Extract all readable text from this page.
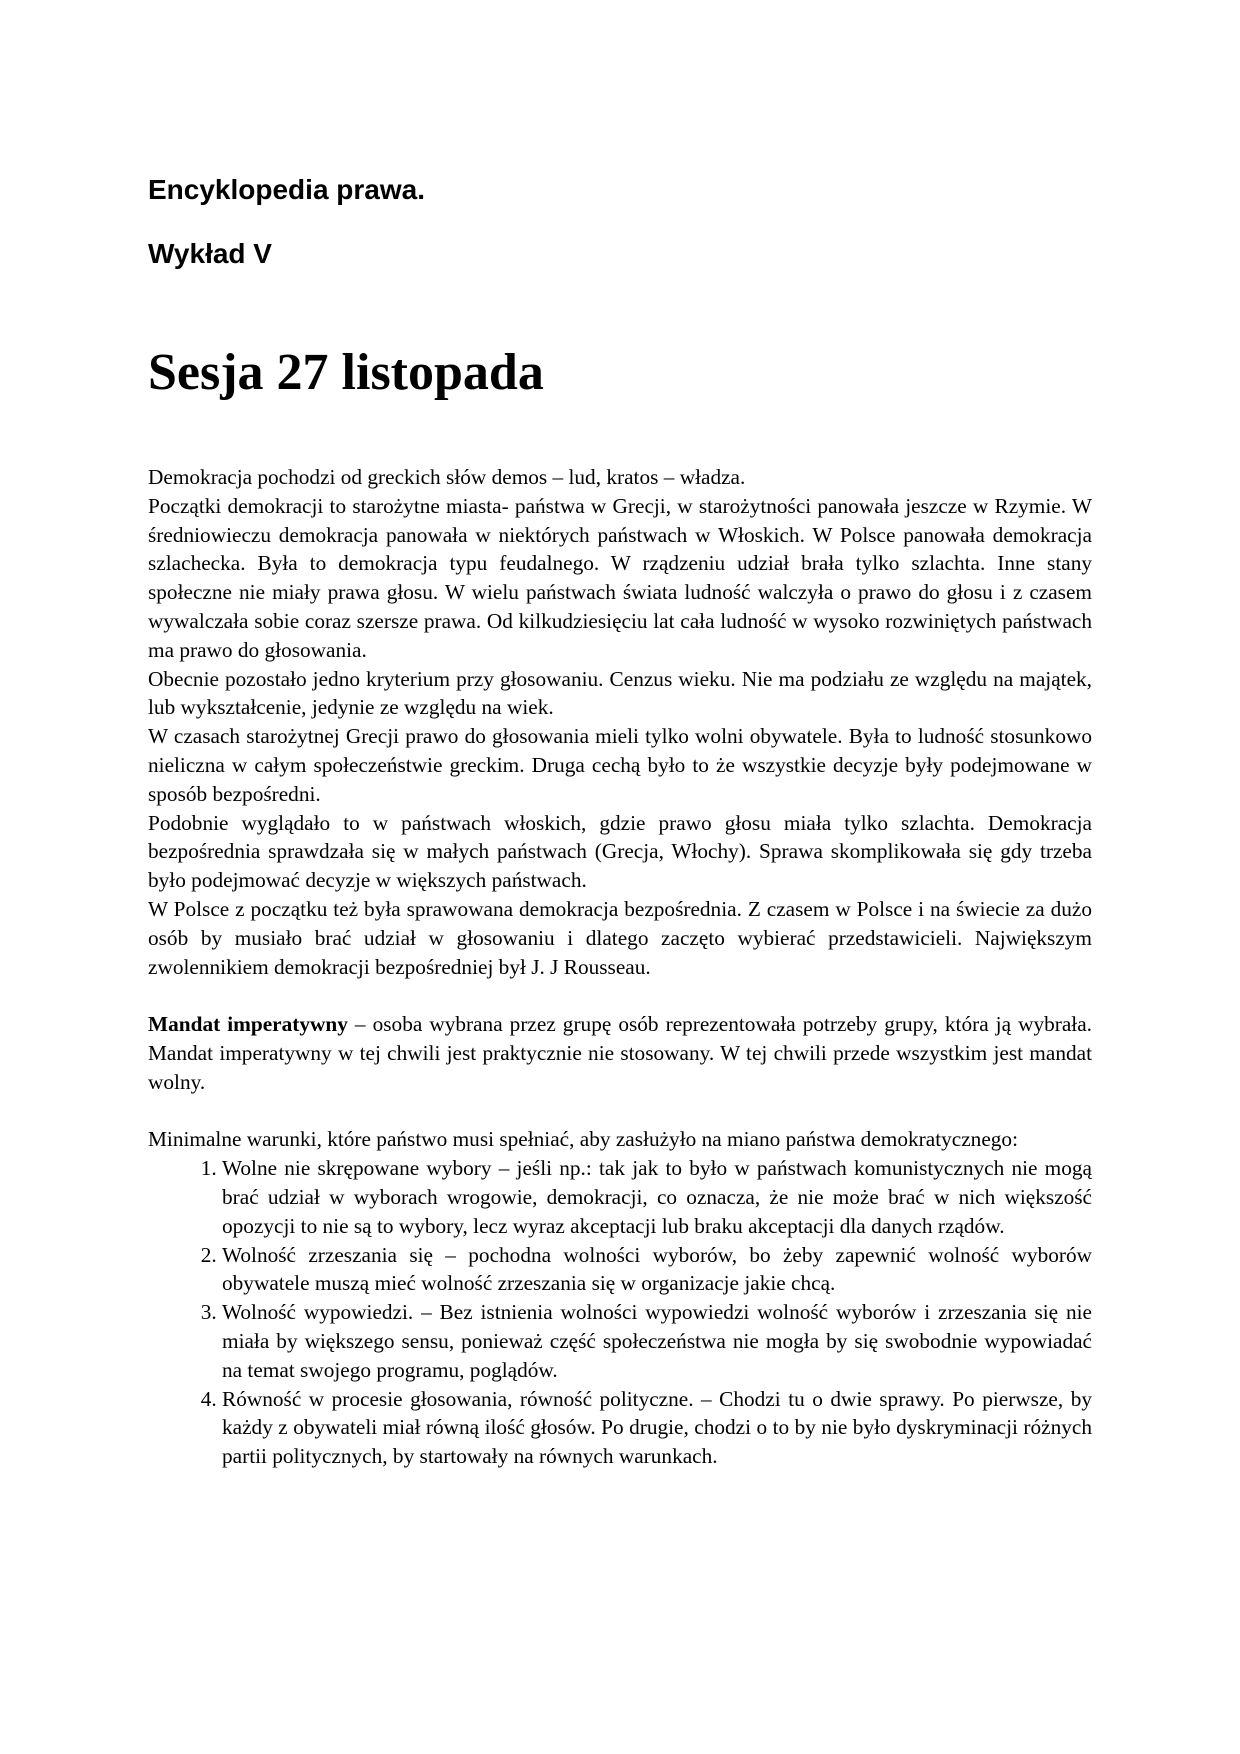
Encyklopedia prawa.
Wykład V
Sesja 27 listopada

Demokracja pochodzi od greckich słów demos – lud, kratos – władza.

Początki demokracji to starożytne miasta- państwa w Grecji, w starożytności panowała jeszcze w Rzymie. W średniowieczu demokracja panowała w niektórych państwach w Włoskich. W Polsce panowała demokracja szlachecka. Była to demokracja typu feudalnego. W rządzeniu udział brała tylko szlachta. Inne stany społeczne nie miały prawa głosu. W wielu państwach świata ludność walczyła o prawo do głosu i z czasem wywalczała sobie coraz szersze prawa. Od kilkudziesięciu lat cała ludność w wysoko rozwiniętych państwach ma prawo do głosowania.

Obecnie pozostało jedno kryterium przy głosowaniu. Cenzus wieku. Nie ma podziału ze względu na majątek, lub wykształcenie, jedynie ze względu na wiek.

W czasach starożytnej Grecji prawo do głosowania mieli tylko wolni obywatele. Była to ludność stosunkowo nieliczna w całym społeczeństwie greckim. Druga cechą było to że wszystkie decyzje były podejmowane w sposób bezpośredni.

Podobnie wyglądało to w państwach włoskich, gdzie prawo głosu miała tylko szlachta. Demokracja bezpośrednia sprawdzała się w małych państwach (Grecja, Włochy). Sprawa skomplikowała się gdy trzeba było podejmować decyzje w większych państwach.

W Polsce z początku też była sprawowana demokracja bezpośrednia. Z czasem w Polsce i na świecie za dużo osób by musiało brać udział w głosowaniu i dlatego zaczęto wybierać przedstawicieli. Największym zwolennikiem demokracji bezpośredniej był J. J Rousseau.

Mandat imperatywny – osoba wybrana przez grupę osób reprezentowała potrzeby grupy, która ją wybrała. Mandat imperatywny w tej chwili jest praktycznie nie stosowany. W tej chwili przede wszystkim jest mandat wolny.

Minimalne warunki, które państwo musi spełniać, aby zasłużyło na miano państwa demokratycznego:

1. Wolne nie skrępowane wybory – jeśli np.: tak jak to było w państwach komunistycznych nie mogą brać udział w wyborach wrogowie, demokracji, co oznacza, że nie może brać w nich większość opozycji to nie są to wybory, lecz wyraz akceptacji lub braku akceptacji dla danych rządów.
2. Wolność zrzeszania się – pochodna wolności wyborów, bo żeby zapewnić wolność wyborów obywatele muszą mieć wolność zrzeszania się w organizacje jakie chcą.
3. Wolność wypowiedzi. – Bez istnienia wolności wypowiedzi wolność wyborów i zrzeszania się nie miała by większego sensu, ponieważ część społeczeństwa nie mogła by się swobodnie wypowiadać na temat swojego programu, poglądów.
4. Równość w procesie głosowania, równość polityczne. – Chodzi tu o dwie sprawy. Po pierwsze, by każdy z obywateli miał równą ilość głosów. Po drugie, chodzi o to by nie było dyskryminacji różnych partii politycznych, by startowały na równych warunkach.
